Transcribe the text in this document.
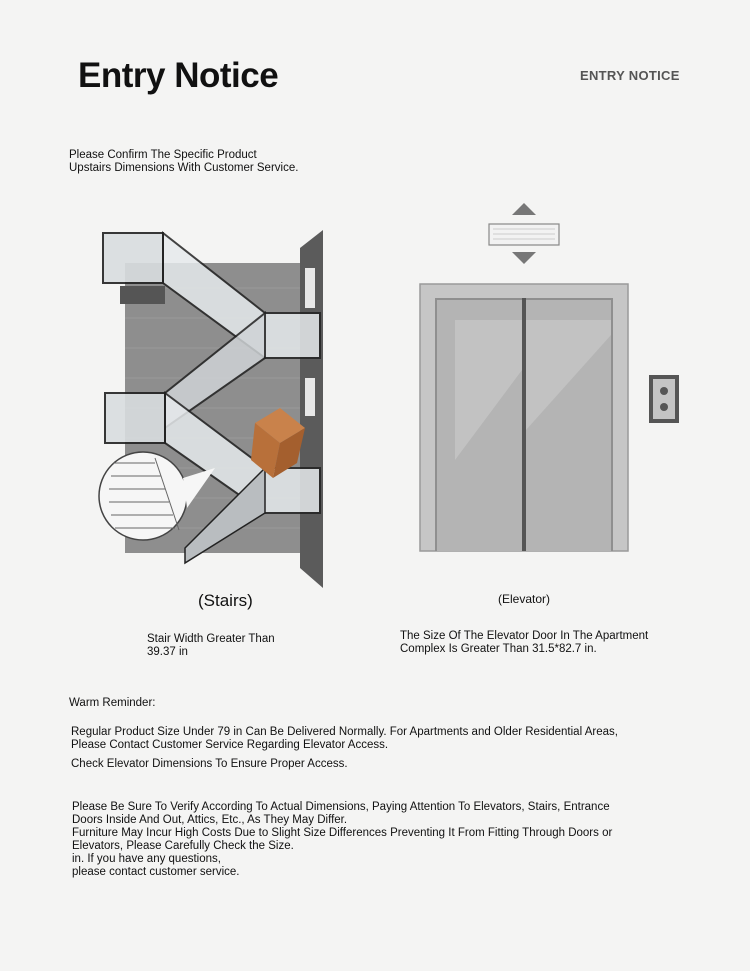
Entry Notice	ENTRY NOTICE
Please Confirm The Specific Product
Upstairs Dimensions With Customer Service.
(Stairs)	(Elevator)
Stair Width Greater Than
39.37 in
The Size Of The Elevator Door In The Apartment
Complex Is Greater Than 31.5*82.7 in.
Warm Reminder:
Regular Product Size Under 79 in Can Be Delivered Normally. For Apartments and Older Residential Areas,
Please Contact Customer Service Regarding Elevator Access.
Check Elevator Dimensions To Ensure Proper Access.
Please Be Sure To Verify According To Actual Dimensions, Paying Attention To Elevators, Stairs, Entrance
Doors Inside And Out, Attics, Etc., As They May Differ.
Furniture May Incur High Costs Due to Slight Size Differences Preventing It From Fitting Through Doors or
Elevators, Please Carefully Check the Size.
in. If you have any questions,
please contact customer service.
